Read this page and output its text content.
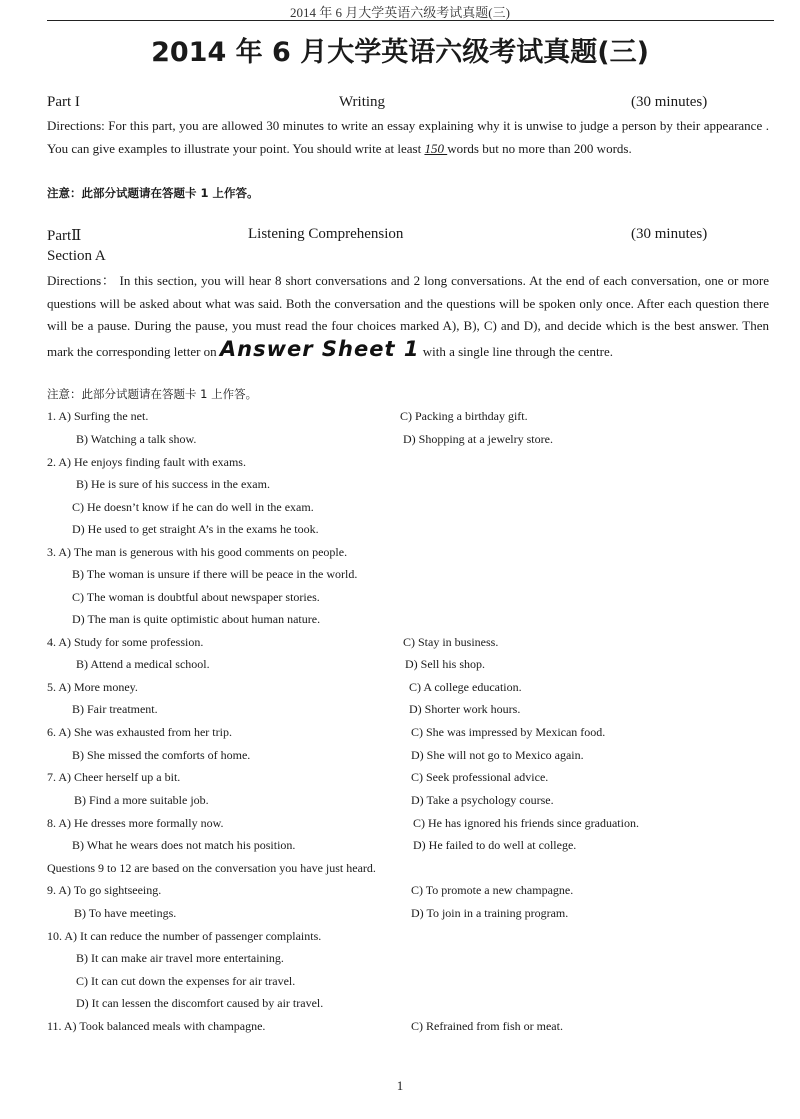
2014 年 6 月大学英语六级考试真题(三)
2014 年 6 月大学英语六级考试真题(三)
Part I	Writing	(30 minutes)
Directions: For this part, you are allowed 30 minutes to write an essay explaining why it is unwise to judge a person by their appearance . You can give examples to illustrate your point. You should write at least 150 words but no more than 200 words.
注意：此部分试题请在答题卡 1 上作答。
PartⅡ	Listening Comprehension	(30 minutes)
Section A
Directions： In this section, you will hear 8 short conversations and 2 long conversations. At the end of each conversation, one or more questions will be asked about what was said. Both the conversation and the questions will be spoken only once. After each question there will be a pause. During the pause, you must read the four choices marked A), B), C) and D), and decide which is the best answer. Then mark the corresponding letter on Answer Sheet 1 with a single line through the centre.
注意：此部分试题请在答题卡 1 上作答。
1. A) Surfing the net.	C) Packing a birthday gift.
B) Watching a talk show.	D) Shopping at a jewelry store.
2. A) He enjoys finding fault with exams.
B) He is sure of his success in the exam.
C) He doesn’t know if he can do well in the exam.
D) He used to get straight A’s in the exams he took.
3. A) The man is generous with his good comments on people.
B) The woman is unsure if there will be peace in the world.
C) The woman is doubtful about newspaper stories.
D) The man is quite optimistic about human nature.
4. A) Study for some profession.	C) Stay in business.
B) Attend a medical school.	D) Sell his shop.
5. A) More money.	C) A college education.
B) Fair treatment.	D) Shorter work hours.
6. A) She was exhausted from her trip.	C) She was impressed by Mexican food.
B) She missed the comforts of home.	D) She will not go to Mexico again.
7. A) Cheer herself up a bit.	C) Seek professional advice.
B) Find a more suitable job.	D) Take a psychology course.
8. A) He dresses more formally now.	C) He has ignored his friends since graduation.
B) What he wears does not match his position.	D) He failed to do well at college.
Questions 9 to 12 are based on the conversation you have just heard.
9. A) To go sightseeing.	C) To promote a new champagne.
B) To have meetings.	D) To join in a training program.
10. A) It can reduce the number of passenger complaints.
B) It can make air travel more entertaining.
C) It can cut down the expenses for air travel.
D) It can lessen the discomfort caused by air travel.
11. A) Took balanced meals with champagne.	C) Refrained from fish or meat.
1
